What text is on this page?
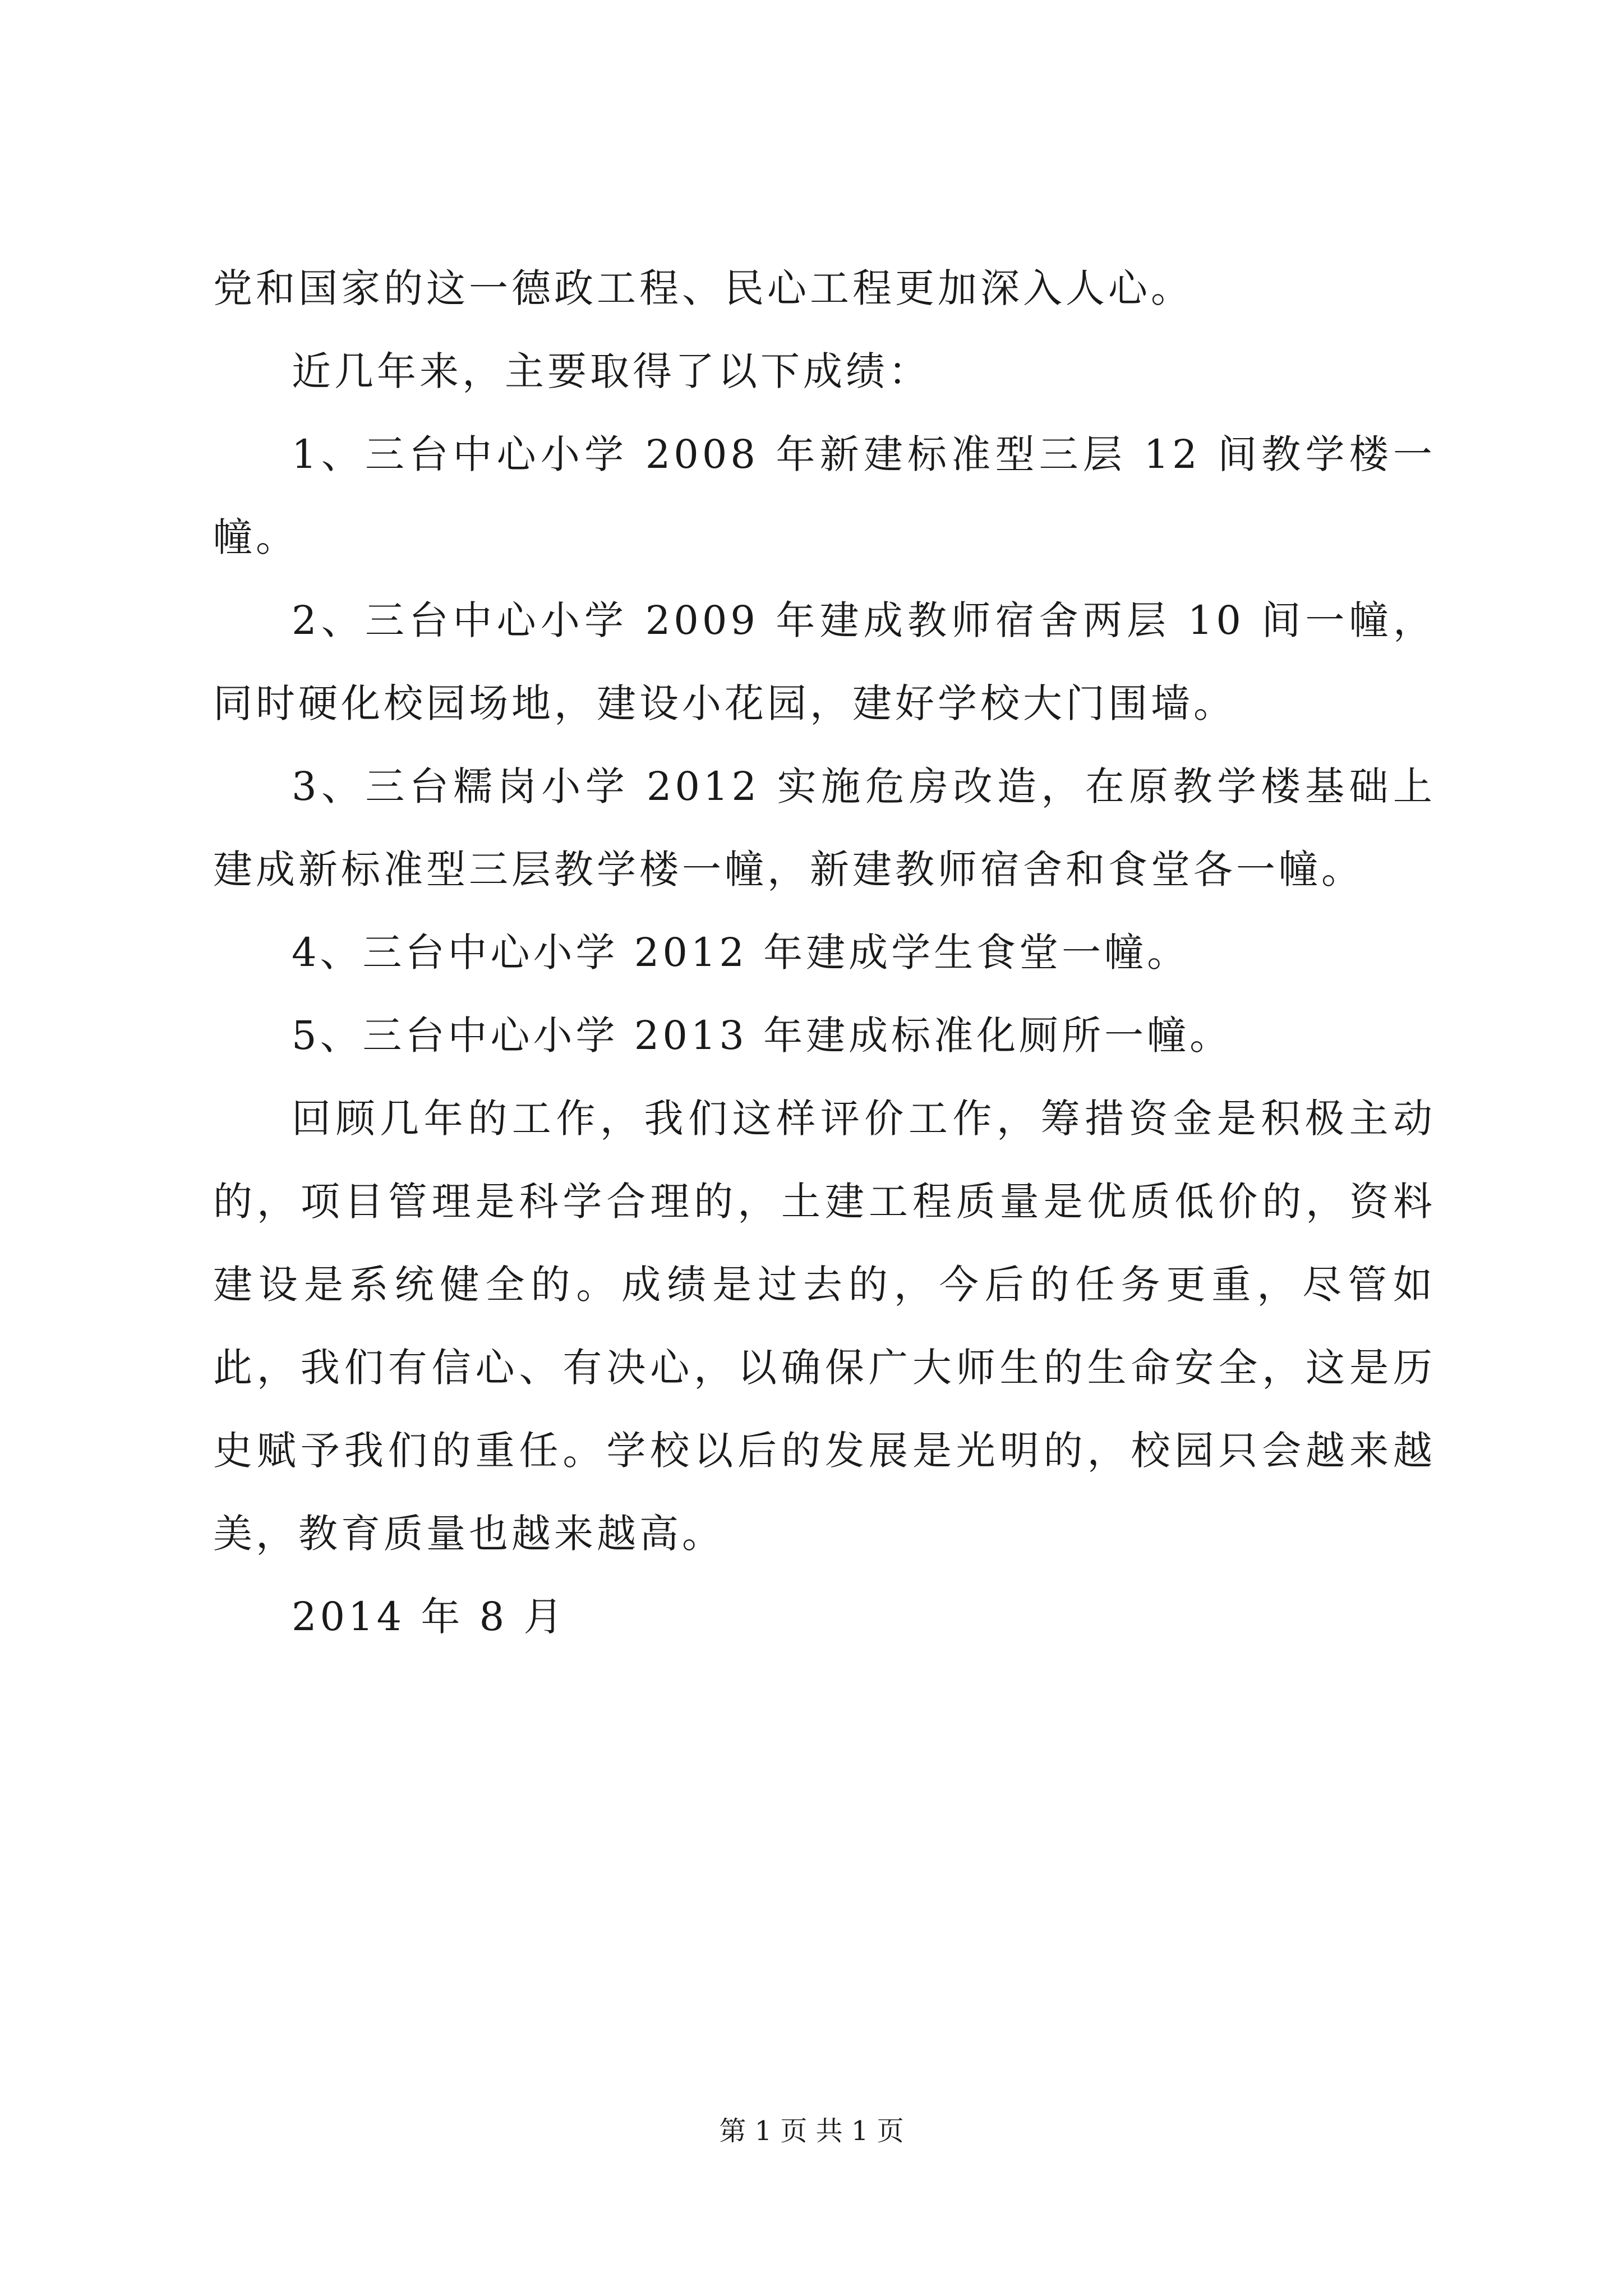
党和国家的这一德政工程、民心工程更加深入人心。

近几年来，主要取得了以下成绩：

1、三台中心小学 2008 年新建标准型三层 12 间教学楼一幢。

2、三台中心小学 2009 年建成教师宿舍两层 10 间一幢，同时硬化校园场地，建设小花园，建好学校大门围墙。

3、三台糯岗小学 2012 实施危房改造，在原教学楼基础上建成新标准型三层教学楼一幢，新建教师宿舍和食堂各一幢。

4、三台中心小学 2012 年建成学生食堂一幢。

5、三台中心小学 2013 年建成标准化厕所一幢。

回顾几年的工作，我们这样评价工作，筹措资金是积极主动的，项目管理是科学合理的，土建工程质量是优质低价的，资料建设是系统健全的。成绩是过去的，今后的任务更重，尽管如此，我们有信心、有决心，以确保广大师生的生命安全，这是历史赋予我们的重任。学校以后的发展是光明的，校园只会越来越美，教育质量也越来越高。

2014 年 8 月

第 1 页 共 1 页
